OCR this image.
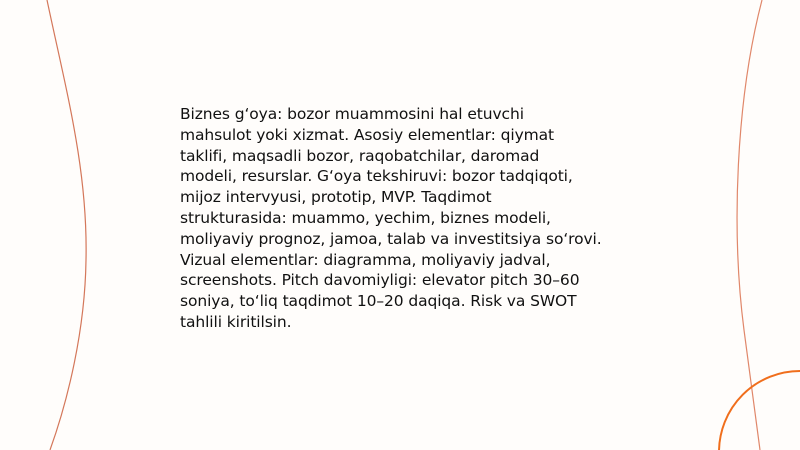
Biznes g‘oya: bozor muammosini hal etuvchi
mahsulot yoki xizmat. Asosiy elementlar: qiymat
taklifi, maqsadli bozor, raqobatchilar, daromad
modeli, resurslar. G‘oya tekshiruvi: bozor tadqiqoti,
mijoz intervyusi, prototip, MVP. Taqdimot
strukturasida: muammo, yechim, biznes modeli,
moliyaviy prognoz, jamoa, talab va investitsiya so‘rovi.
Vizual elementlar: diagramma, moliyaviy jadval,
screenshots. Pitch davomiyligi: elevator pitch 30–60
soniya, to‘liq taqdimot 10–20 daqiqa. Risk va SWOT
tahlili kiritilsin.
